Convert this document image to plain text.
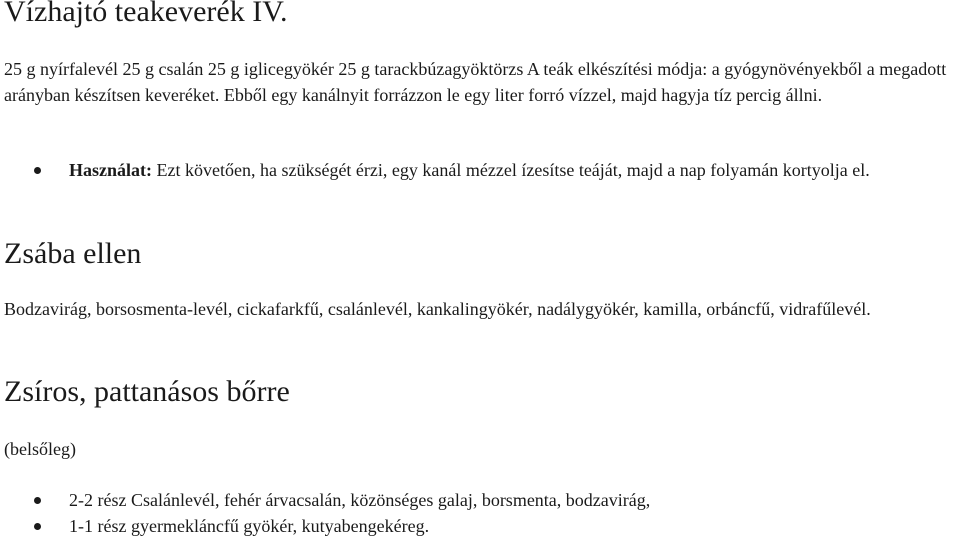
Vízhajtó teakeverék IV.

25 g nyírfalevél 25 g csalán 25 g iglicegyökér 25 g tarackbúzagyöktörzs A teák elkészítési módja: a gyógynövényekből a megadott arányban készítsen keveréket. Ebből egy kanálnyit forrázzon le egy liter forró vízzel, majd hagyja tíz percig állni.

Használat: Ezt követően, ha szükségét érzi, egy kanál mézzel ízesítse teáját, majd a nap folyamán kortyolja el.
Zsába ellen

Bodzavirág, borsosmenta-levél, cickafarkfű, csalánlevél, kankalingyökér, nadálygyökér, kamilla, orbáncfű, vidrafűlevél.

Zsíros, pattanásos bőrre

(belsőleg)

2-2 rész Csalánlevél, fehér árvacsalán, közönséges galaj, borsmenta, bodzavirág,
1-1 rész gyermekláncfű gyökér, kutyabengekéreg.
